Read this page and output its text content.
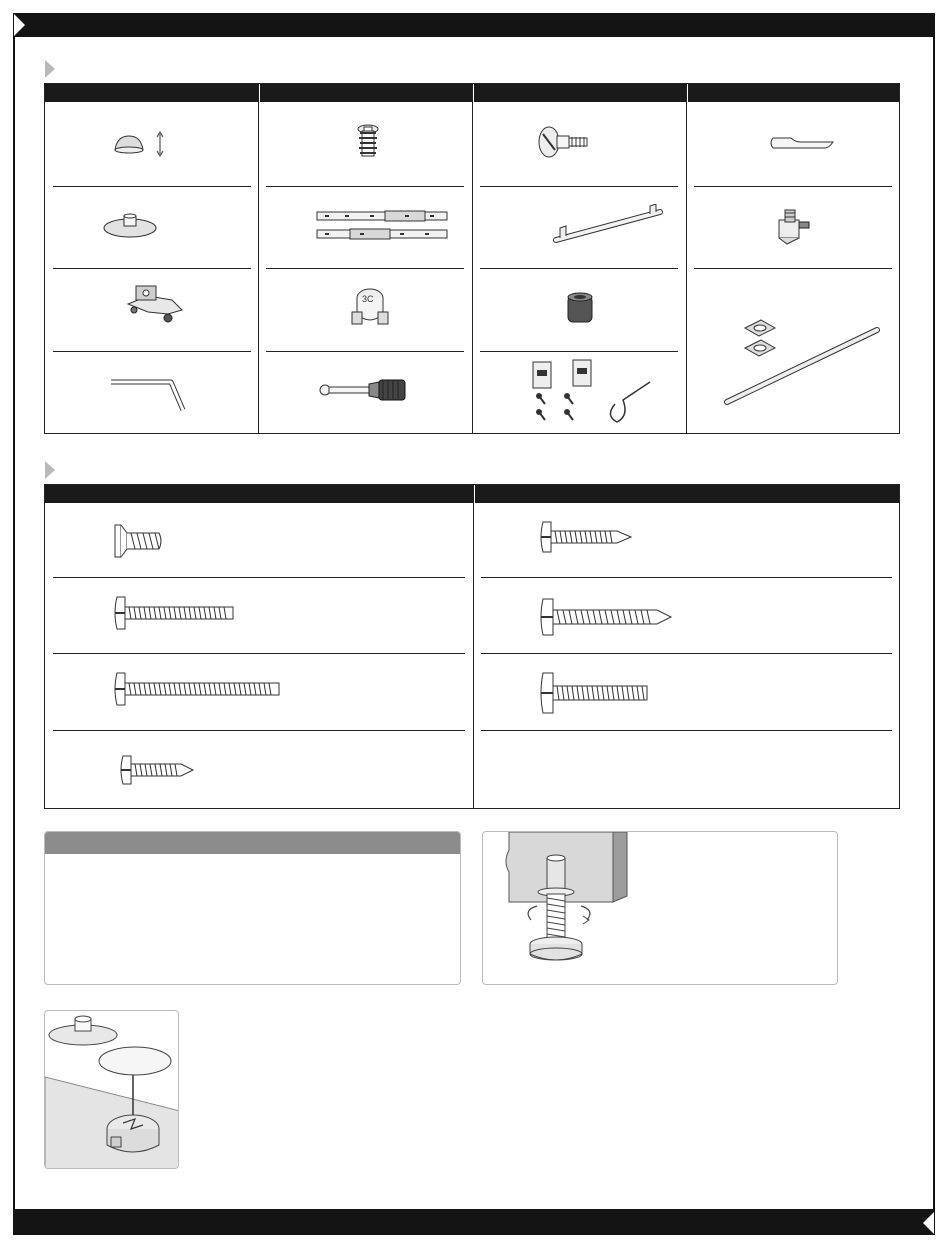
3C
